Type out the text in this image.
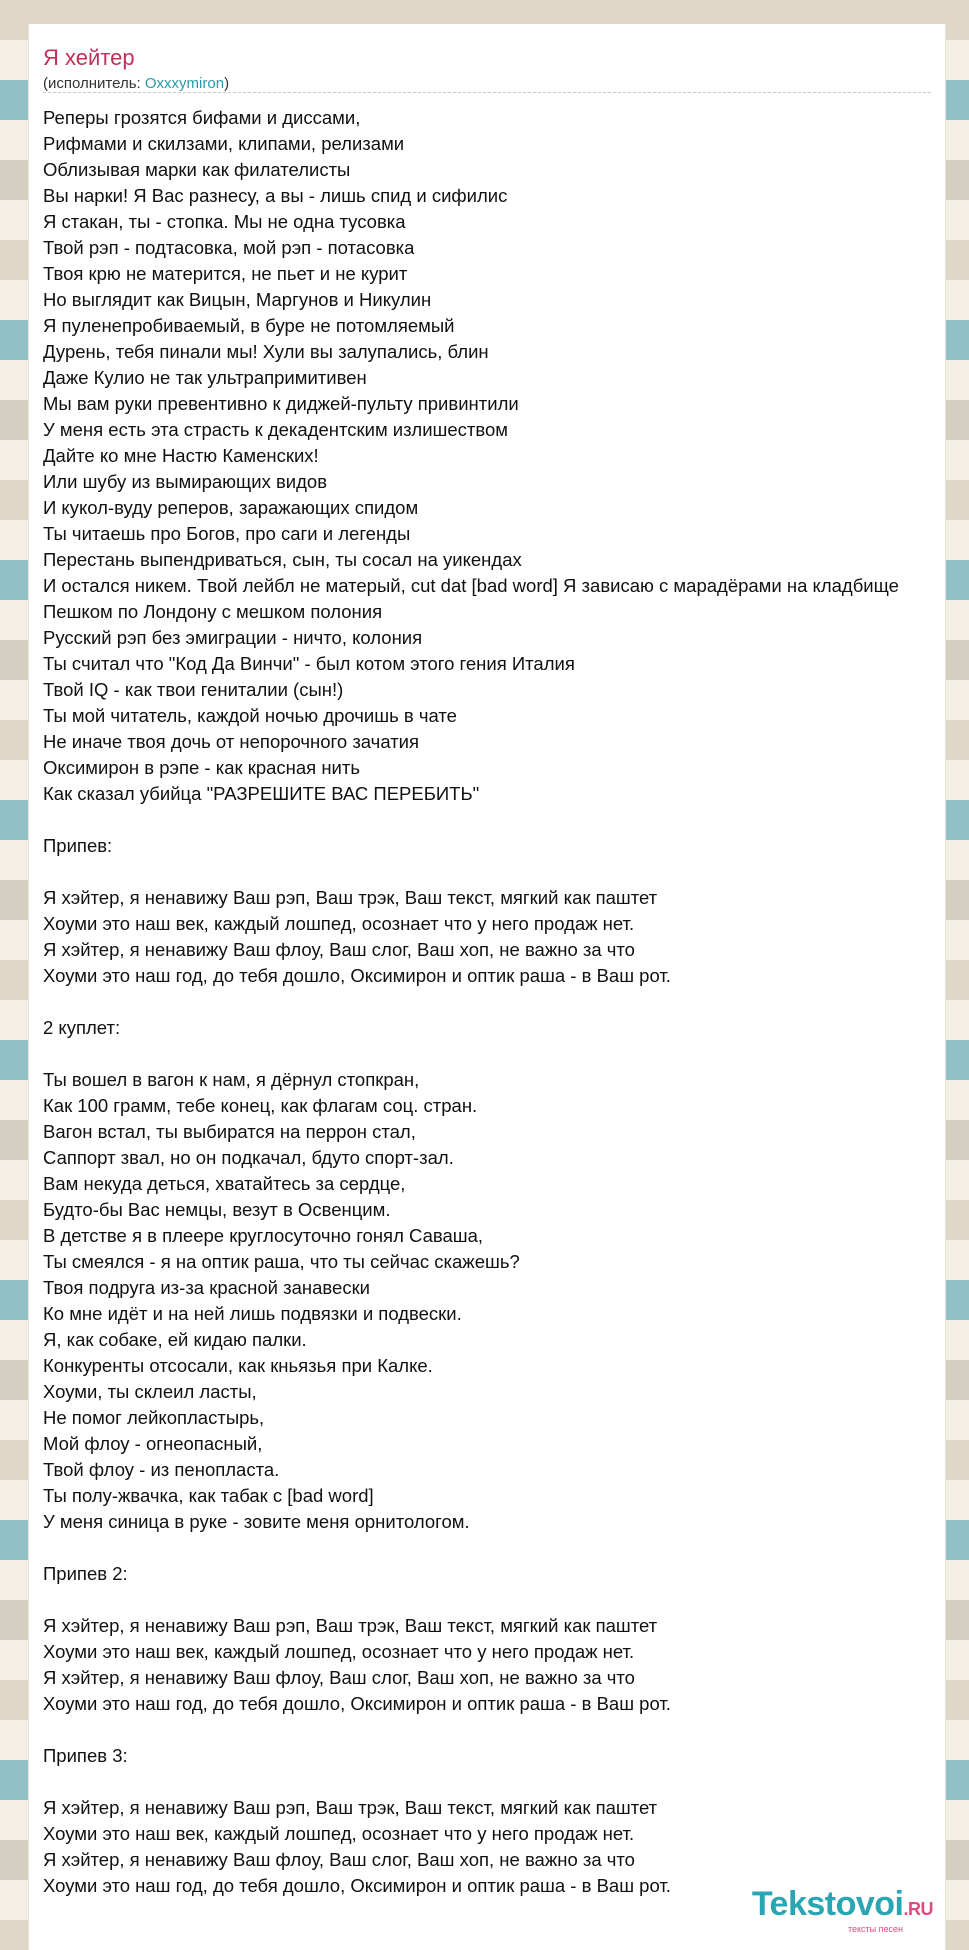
Я хейтер
(исполнитель: Oxxxymiron)
Реперы грозятся бифами и диссами,
Рифмами и скилзами, клипами, релизами
Облизывая марки как филателисты
Вы нарки! Я Вас разнесу, а вы - лишь спид и сифилис
Я стакан, ты - стопка. Мы не одна тусовка
Твой рэп - подтасовка, мой рэп - потасовка
Твоя крю не матерится, не пьет и не курит
Но выглядит как Вицын, Маргунов и Никулин
Я пуленепробиваемый, в буре не потомляемый
Дурень, тебя пинали мы! Хули вы залупались, блин
Даже Кулио не так ультрапримитивен
Мы вам руки превентивно к диджей-пульту привинтили
У меня есть эта страсть к декадентским излишеством
Дайте ко мне Настю Каменских!
Или шубу из вымирающих видов
И кукол-вуду реперов, заражающих спидом
Ты читаешь про Богов, про саги и легенды
Перестань выпендриваться, сын, ты сосал на уикендах
И остался никем. Твой лейбл не матерый, cut dat [bad word] Я зависаю с марадёрами на кладбище
Пешком по Лондону с мешком полония
Русский рэп без эмиграции - ничто, колония
Ты считал что "Код Да Винчи" - был котом этого гения Италия
Твой IQ - как твои гениталии (сын!)
Ты мой читатель, каждой ночью дрочишь в чате
Не иначе твоя дочь от непорочного зачатия
Оксимирон в рэпе - как красная нить
Как сказал убийца "РАЗРЕШИТЕ ВАС ПЕРЕБИТЬ"
Припев:
Я хэйтер, я ненавижу Ваш рэп, Ваш трэк, Ваш текст, мягкий как паштет
Хоуми это наш век, каждый лошпед, осознает что у него продаж нет.
Я хэйтер, я ненавижу Ваш флоу, Ваш слог, Ваш хоп, не важно за что
Хоуми это наш год, до тебя дошло, Оксимирон и оптик раша - в Ваш рот.
2 куплет:
Ты вошел в вагон к нам, я дёрнул стопкран,
Как 100 грамм, тебе конец, как флагам соц. стран.
Вагон встал, ты выбиратся на перрон стал,
Саппорт звал, но он подкачал, бдуто спорт-зал.
Вам некуда деться, хватайтесь за сердце,
Будто-бы Вас немцы, везут в Освенцим.
В детстве я в плеере круглосуточно гонял Саваша,
Ты смеялся - я на оптик раша, что ты сейчас скажешь?
Твоя подруга из-за красной занавески
Ко мне идёт и на ней лишь подвязки и подвески.
Я, как собаке, ей кидаю палки.
Конкуренты отсосали, как кньязья при Калке.
Хоуми, ты склеил ласты,
Не помог лейкопластырь,
Мой флоу - огнеопасный,
Твой флоу - из пенопласта.
Ты полу-жвачка, как табак с [bad word]
У меня синица в руке - зовите меня орнитологом.
Припев 2:
Я хэйтер, я ненавижу Ваш рэп, Ваш трэк, Ваш текст, мягкий как паштет
Хоуми это наш век, каждый лошпед, осознает что у него продаж нет.
Я хэйтер, я ненавижу Ваш флоу, Ваш слог, Ваш хоп, не важно за что
Хоуми это наш год, до тебя дошло, Оксимирон и оптик раша - в Ваш рот.
Припев 3:
Я хэйтер, я ненавижу Ваш рэп, Ваш трэк, Ваш текст, мягкий как паштет
Хоуми это наш век, каждый лошпед, осознает что у него продаж нет.
Я хэйтер, я ненавижу Ваш флоу, Ваш слог, Ваш хоп, не важно за что
Хоуми это наш год, до тебя дошло, Оксимирон и оптик раша - в Ваш рот.	Tekstovoi.RU
тексты песен
